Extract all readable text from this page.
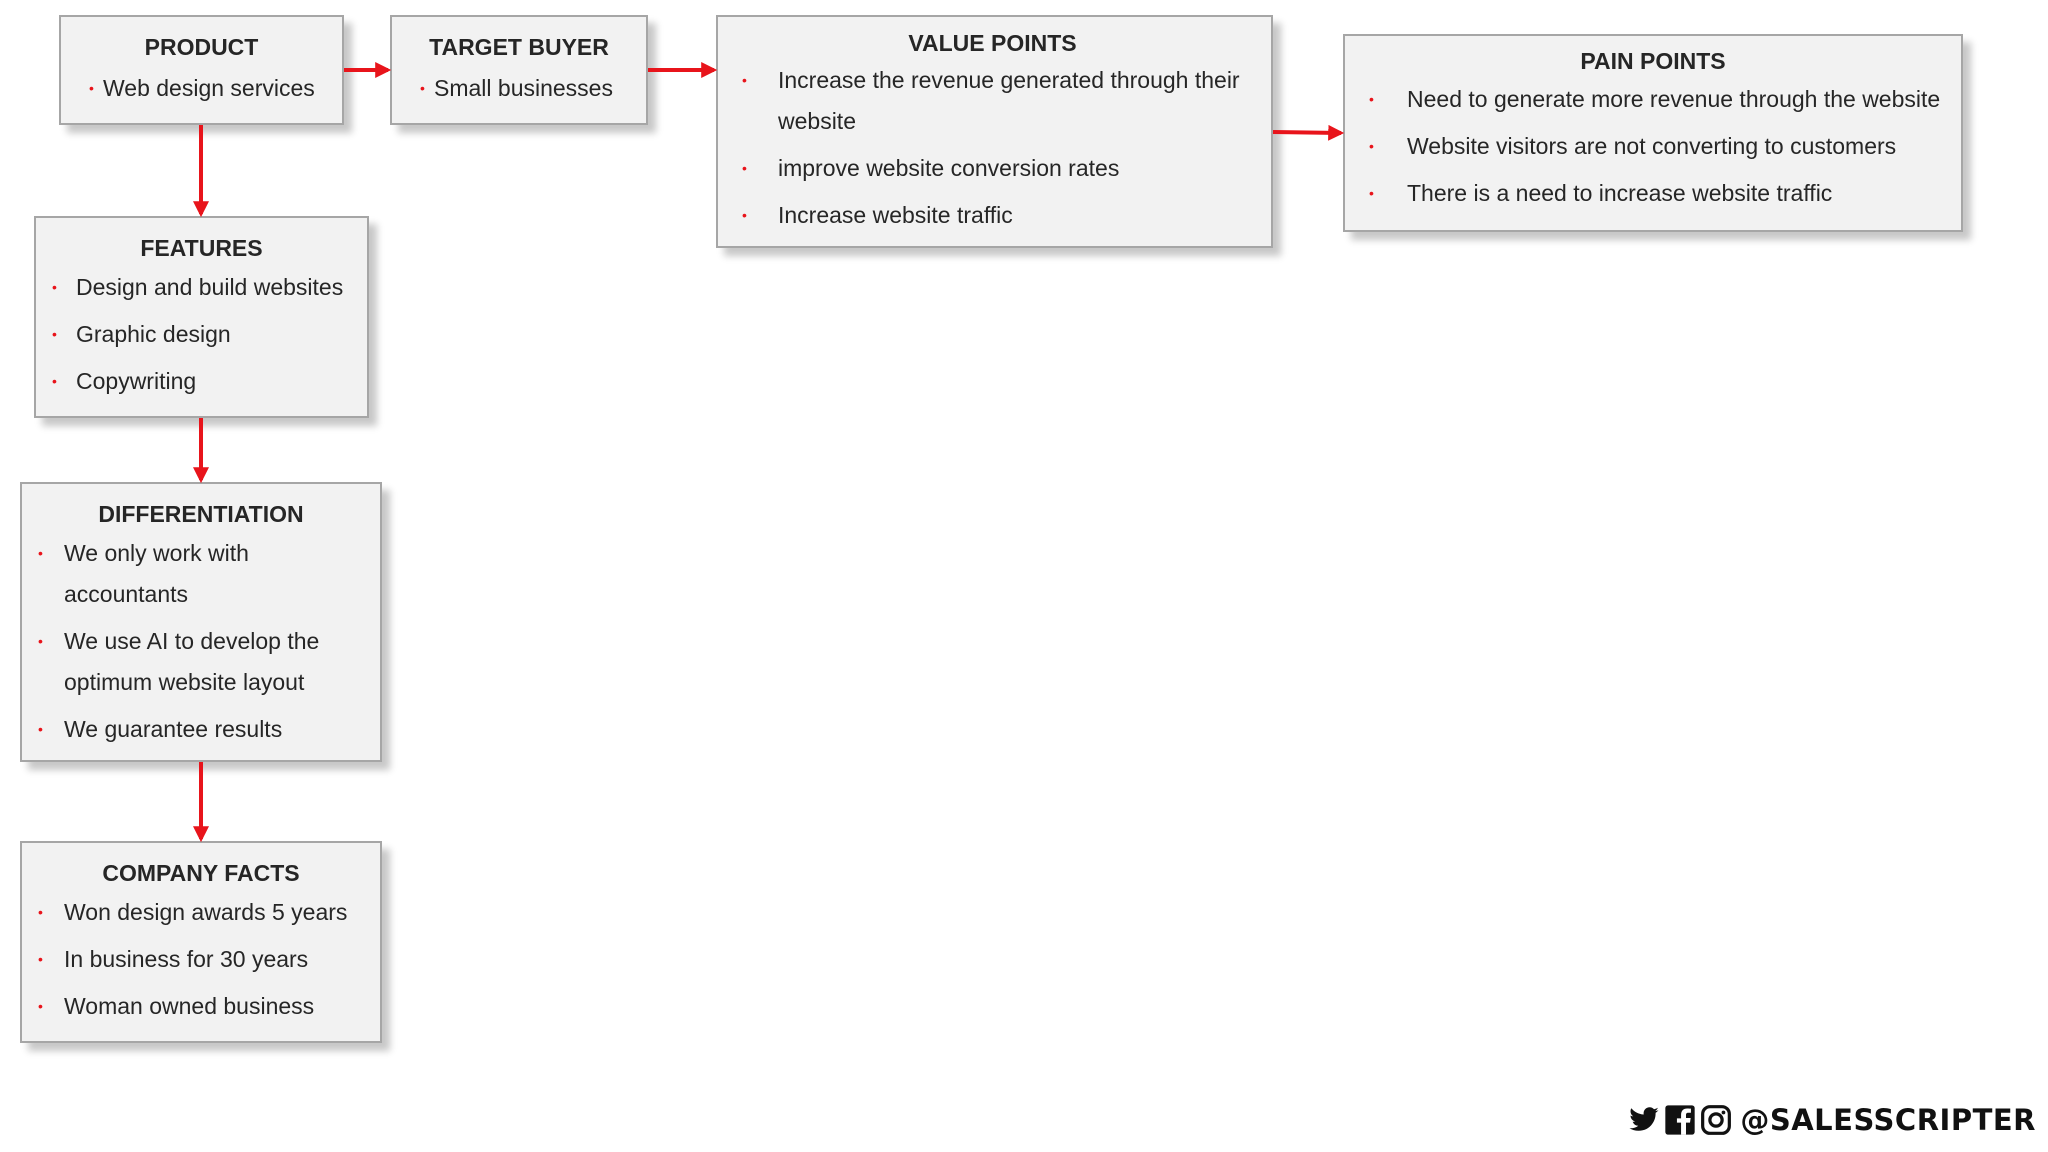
PRODUCT
• Web design services
TARGET BUYER
• Small businesses
VALUE POINTS
• Increase the revenue generated through their website
• improve website conversion rates
• Increase website traffic
PAIN POINTS
• Need to generate more revenue through the website
• Website visitors are not converting to customers
• There is a need to increase website traffic
FEATURES
• Design and build websites
• Graphic design
• Copywriting
DIFFERENTIATION
• We only work with accountants
• We use AI to develop the optimum website layout
• We guarantee results
COMPANY FACTS
• Won design awards 5 years
• In business for 30 years
• Woman owned business
@SALESSCRIPTER
